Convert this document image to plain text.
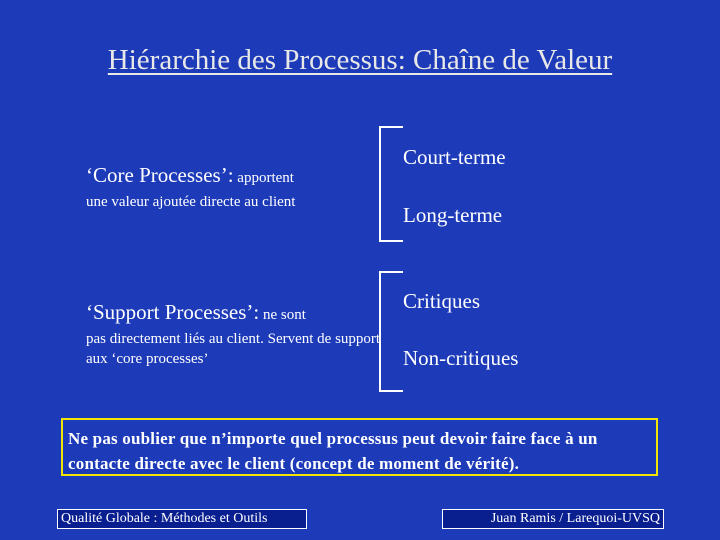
Hiérarchie des Processus: Chaîne de Valeur
‘Core Processes’: apportent
une valeur ajoutée directe au client
‘Support Processes’: ne sont
pas directement liés au client. Servent de support aux ‘core processes’
Court-terme
Long-terme
Critiques
Non-critiques
Ne pas oublier que n’importe quel processus peut devoir faire face à un contacte directe avec le client (concept de moment de vérité).
Qualité Globale : Méthodes et Outils	Juan Ramis / Larequoi-UVSQ
